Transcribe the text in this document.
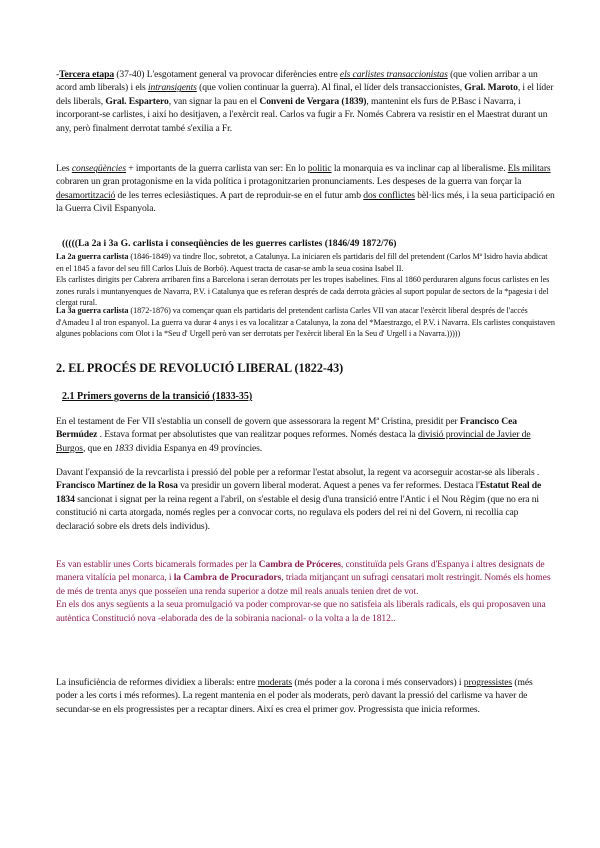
-Tercera etapa (37-40) L'esgotament general va provocar diferències entre els carlistes transaccionistas (que volien arribar a un acord amb liberals) i els intransigents (que volien continuar la guerra). Al final, el líder dels transaccionistes, Gral. Maroto, i el líder dels liberals, Gral. Espartero, van signar la pau en el Conveni de Vergara (1839), mantenint els furs de P.Basc i Navarra, i incorporant-se carlistes, i així ho desitjaven, a l'exèrcit real. Carlos va fugir a Fr. Només Cabrera va resistir en el Maestrat durant un any, però finalment derrotat també s'exilia a Fr.

Les conseqüències + importants de la guerra carlista van ser: En lo politic la monarquia es va inclinar cap al liberalisme. Els militars cobraren un gran protagonisme en la vida política i protagonitzarien pronunciaments. Les despeses de la guerra van forçar la desamortització de les terres eclesiàstiques. A part de reproduir-se en el futur amb dos conflictes bèl·lics més, i la seua participació en la Guerra Civil Espanyola.

(((((La 2a i 3a G. carlista i conseqüències de les guerres carlistes (1846/49 1872/76)

La 2a guerra carlista (1846-1849) va tindre lloc, sobretot, a Catalunya. La iniciaren els partidaris del fill del pretendent (Carlos Mª Isidro havia abdicat en el 1845 a favor del seu fill Carlos Lluís de Borbó). Aquest tracta de casar-se amb la seua cosina Isabel II.
Els carlistes dirigits per Cabrera arribaren fins a Barcelona i seran derrotats per les tropes isabelines. Fins al 1860 perduraren alguns focus carlistes en les zones rurals i muntanyenques de Navarra, P.V. i Catalunya que es referan després de cada derrota gràcies al suport popular de sectors de la *pagesia i del clergat rural.

La 3a guerra carlista (1872-1876) va començar quan els partidaris del pretendent carlista Carles VII van atacar l'exèrcit liberal després de l'accés d'Amadeu I al tron espanyol. La guerra va durar 4 anys i es va localitzar a Catalunya, la zona del *Maestrazgo, el P.V. i Navarra. Els carlistes conquistaven algunes poblacions com Olot i la *Seu d' Urgell però van ser derrotats per l'exèrcit liberal En la Seu d' Urgell i a Navarra.)))))

2. EL PROCÉS DE REVOLUCIÓ LIBERAL (1822-43)
2.1 Primers governs de la transició (1833-35)

En el testament de Fer VII s'establia un consell de govern que assessorara la regent Mª Cristina, presidit per Francisco Cea Bermúdez . Estava format per absolutistes que van realitzar poques reformes. Només destaca la divisió provincial de Javier de Burgos, que en 1833 dividia Espanya en 49 províncies.

Davant l'expansió de la revcarlista i pressió del poble per a reformar l'estat absolut, la regent va acorseguir acostar-se als liberals . Francisco Martínez de la Rosa va presidir un govern liberal moderat. Aquest a penes va fer reformes. Destaca l'Estatut Real de 1834 sancionat i signat per la reina regent a l'abril, on s'estable el desig d'una transició entre l'Antic i el Nou Règim (que no era ni constitució ni carta atorgada, només regles per a convocar corts, no regulava els poders del rei ni del Govern, ni recollia cap declaració sobre els drets dels individus).

Es van establir unes Corts bicamerals formades per la Cambra de Próceres, constituïda pels Grans d'Espanya i altres designats de manera vitalícia pel monarca, i la Cambra de Procuradors, triada mitjançant un sufragi censatari molt restringit. Només els homes de més de trenta anys que posseïen una renda superior a dotze mil reals anuals tenien dret de vot.
En els dos anys següents a la seua promulgació va poder comprovar-se que no satisfeia als liberals radicals, els qui proposaven una autèntica Constitució nova -elaborada des de la sobirania nacional- o la volta a la de 1812..

La insuficiència de reformes dividiex a liberals: entre moderats (més poder a la corona i més conservadors) i progressistes (més poder a les corts i més reformes). La regent mantenia en el poder als moderats, però davant la pressió del carlisme va haver de secundar-se en els progressistes per a recaptar diners. Així es crea el primer gov. Progressista que inicia reformes.
